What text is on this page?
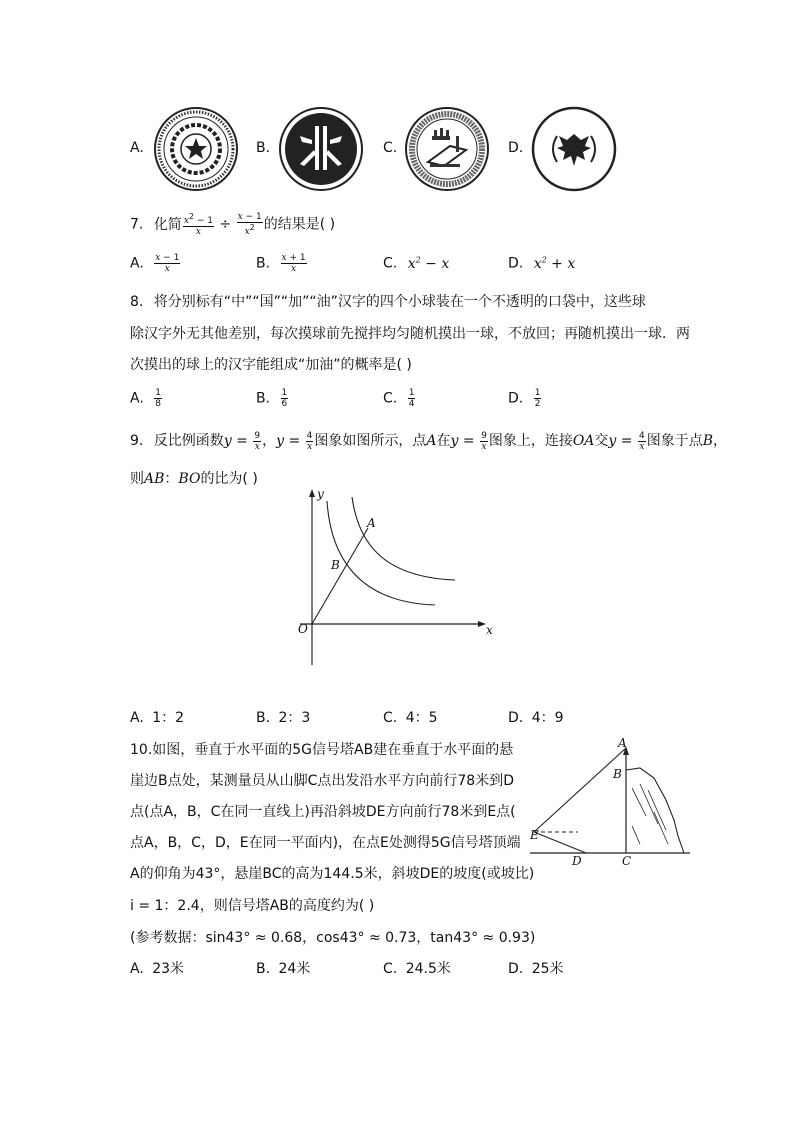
A.	B.	C.	D.
7. 化简 $\frac{x^2 - 1}{x} \div \frac{x - 1}{x^2}$ 的结果是( )
A. $\frac{x - 1}{x}$	B. $\frac{x + 1}{x}$	C. $x^2 - x$	D. $x^2 + x$
8. 将分别标有“中”“国”“加”“油”汉字的四个小球装在一个不透明的口袋中，这些球
除汉字外无其他差别，每次摸球前先搅拌均匀随机摸出一球，不放回；再随机摸出一球．两
次摸出的球上的汉字能组成“加油”的概率是( )
A. $\frac{1}{8}$	B. $\frac{1}{6}$	C. $\frac{1}{4}$	D. $\frac{1}{2}$
9. 反比例函数$y = \frac{9}{x}$ ，$y = \frac{4}{x}$ 图象如图所示，点A在$y = \frac{9}{x}$ 图象上，连接OA交$y = \frac{4}{x}$ 图象于点B，
则AB：BO的比为( )
y
x
O
A
B
A. 1：2	B. 2：3	C. 4：5	D. 4：9
10.如图，垂直于水平面的5G信号塔AB建在垂直于水平面的悬
崖边B点处，某测量员从山脚C点出发沿水平方向前行78米到D
点(点A，B，C在同一直线上)再沿斜坡DE方向前行78米到E点(
点A，B，C，D，E在同一平面内)，在点E处测得5G信号塔顶端
A的仰角为43°，悬崖BC的高为144.5米，斜坡DE的坡度(或坡比)
i = 1：2.4，则信号塔AB的高度约为( )
(参考数据：sin43° ≈ 0.68，cos43° ≈ 0.73，tan43° ≈ 0.93)
A
B
C
D
E
A. 23米	B. 24米	C. 24.5米	D. 25米
